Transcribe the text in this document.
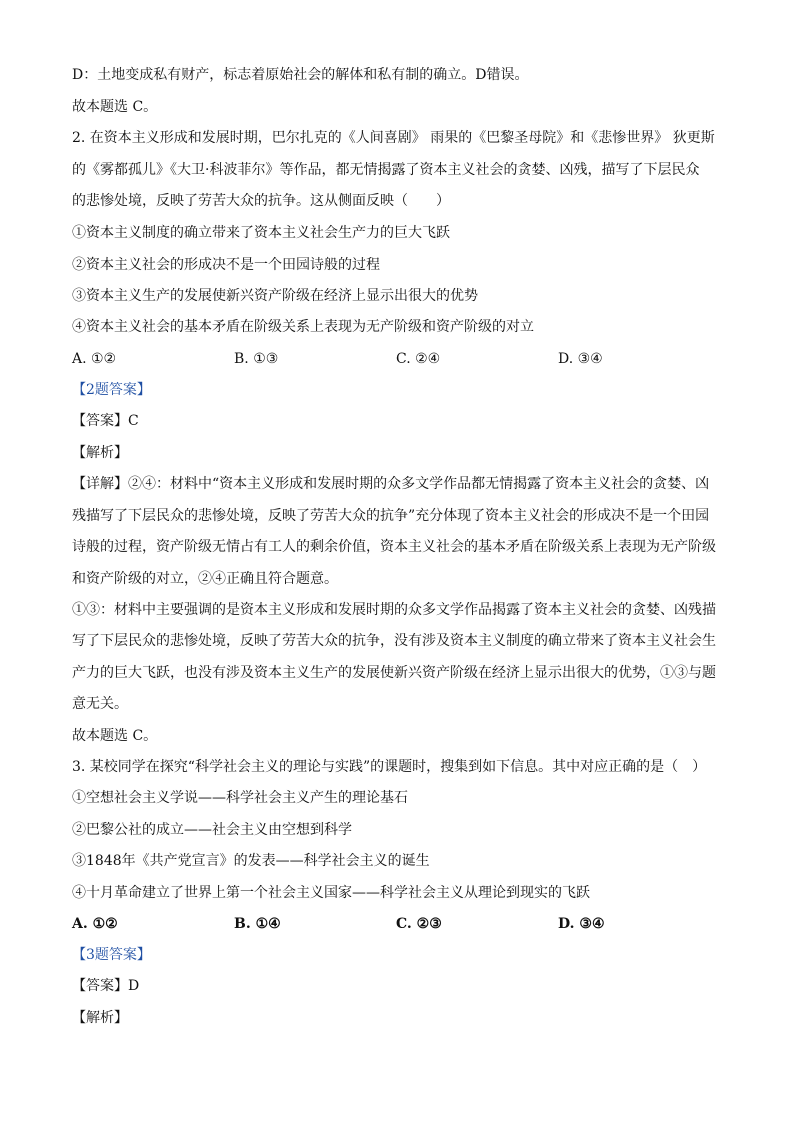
D：土地变成私有财产，标志着原始社会的解体和私有制的确立。D错误。
故本题选 C。
2. 在资本主义形成和发展时期，巴尔扎克的《人间喜剧》 雨果的《巴黎圣母院》和《悲惨世界》 狄更斯
的《雾都孤儿》《大卫·科波菲尔》等作品，都无情揭露了资本主义社会的贪婪、凶残，描写了下层民众
的悲惨处境，反映了劳苦大众的抗争。这从侧面反映（　　）
①资本主义制度的确立带来了资本主义社会生产力的巨大飞跃
②资本主义社会的形成决不是一个田园诗般的过程
③资本主义生产的发展使新兴资产阶级在经济上显示出很大的优势
④资本主义社会的基本矛盾在阶级关系上表现为无产阶级和资产阶级的对立
A. ①②	B. ①③	C. ②④	D. ③④
【2题答案】
【答案】C
【解析】
【详解】②④：材料中“资本主义形成和发展时期的众多文学作品都无情揭露了资本主义社会的贪婪、凶
残描写了下层民众的悲惨处境，反映了劳苦大众的抗争”充分体现了资本主义社会的形成决不是一个田园
诗般的过程，资产阶级无情占有工人的剩余价值，资本主义社会的基本矛盾在阶级关系上表现为无产阶级
和资产阶级的对立，②④正确且符合题意。
①③：材料中主要强调的是资本主义形成和发展时期的众多文学作品揭露了资本主义社会的贪婪、凶残描
写了下层民众的悲惨处境，反映了劳苦大众的抗争，没有涉及资本主义制度的确立带来了资本主义社会生
产力的巨大飞跃，也没有涉及资本主义生产的发展使新兴资产阶级在经济上显示出很大的优势，①③与题
意无关。
故本题选 C。
3. 某校同学在探究“科学社会主义的理论与实践”的课题时，搜集到如下信息。其中对应正确的是（　）
①空想社会主义学说——科学社会主义产生的理论基石
②巴黎公社的成立——社会主义由空想到科学
③1848年《共产党宣言》的发表——科学社会主义的诞生
④十月革命建立了世界上第一个社会主义国家——科学社会主义从理论到现实的飞跃
A. ①②	B. ①④	C. ②③	D. ③④
【3题答案】
【答案】D
【解析】
